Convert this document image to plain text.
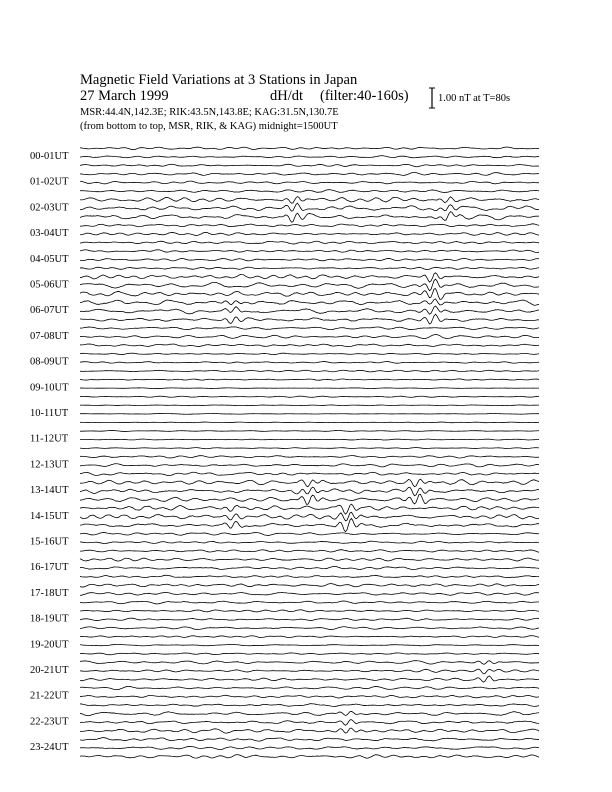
Magnetic Field Variations at 3 Stations in Japan
27 March 1999	dH/dt (filter:40-160s)
MSR:44.4N,142.3E; RIK:43.5N,143.8E; KAG:31.5N,130.7E
(from bottom to top, MSR, RIK, & KAG) midnight=1500UT
1.00 nT at T=80s
00-01UT
01-02UT
02-03UT
03-04UT
04-05UT
05-06UT
06-07UT
07-08UT
08-09UT
09-10UT
10-11UT
11-12UT
12-13UT
13-14UT
14-15UT
15-16UT
16-17UT
17-18UT
18-19UT
19-20UT
20-21UT
21-22UT
22-23UT
23-24UT
